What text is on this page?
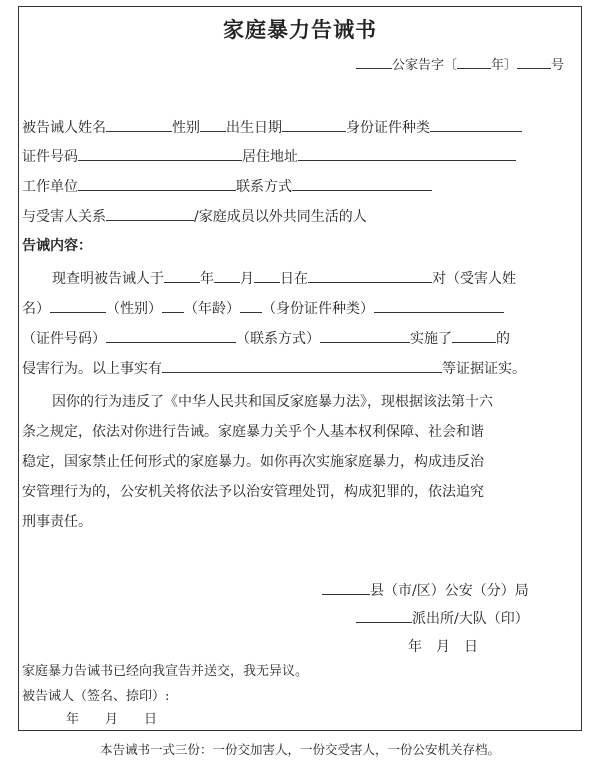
家庭暴力告诫书
公家告字〔	年〕	号
被告诫人姓名	性别 出生日期	身份证件种类
证件号码	居住地址
工作单位	联系方式
与受害人关系	/家庭成员以外共同生活的人
告诫内容：
现查明被告诫人于	年 月 日在	对（受害人姓
名）	（性别） （年龄） （身份证件种类）
（证件号码）	（联系方式）	实施了	的
侵害行为。以上事实有	等证据证实。
因你的行为违反了《中华人民共和国反家庭暴力法》，现根据该法第十六
条之规定，依法对你进行告诫。家庭暴力关乎个人基本权利保障、社会和谐
稳定，国家禁止任何形式的家庭暴力。如你再次实施家庭暴力，构成违反治
安管理行为的，公安机关将依法予以治安管理处罚，构成犯罪的，依法追究
刑事责任。
县（市/区）公安（分）局
派出所/大队（印）
年　月　日
家庭暴力告诫书已经向我宣告并送交，我无异议。
被告诫人（签名、捺印）:
年　　月　　日
本告诫书一式三份：一份交加害人，一份交受害人，一份公安机关存档。
